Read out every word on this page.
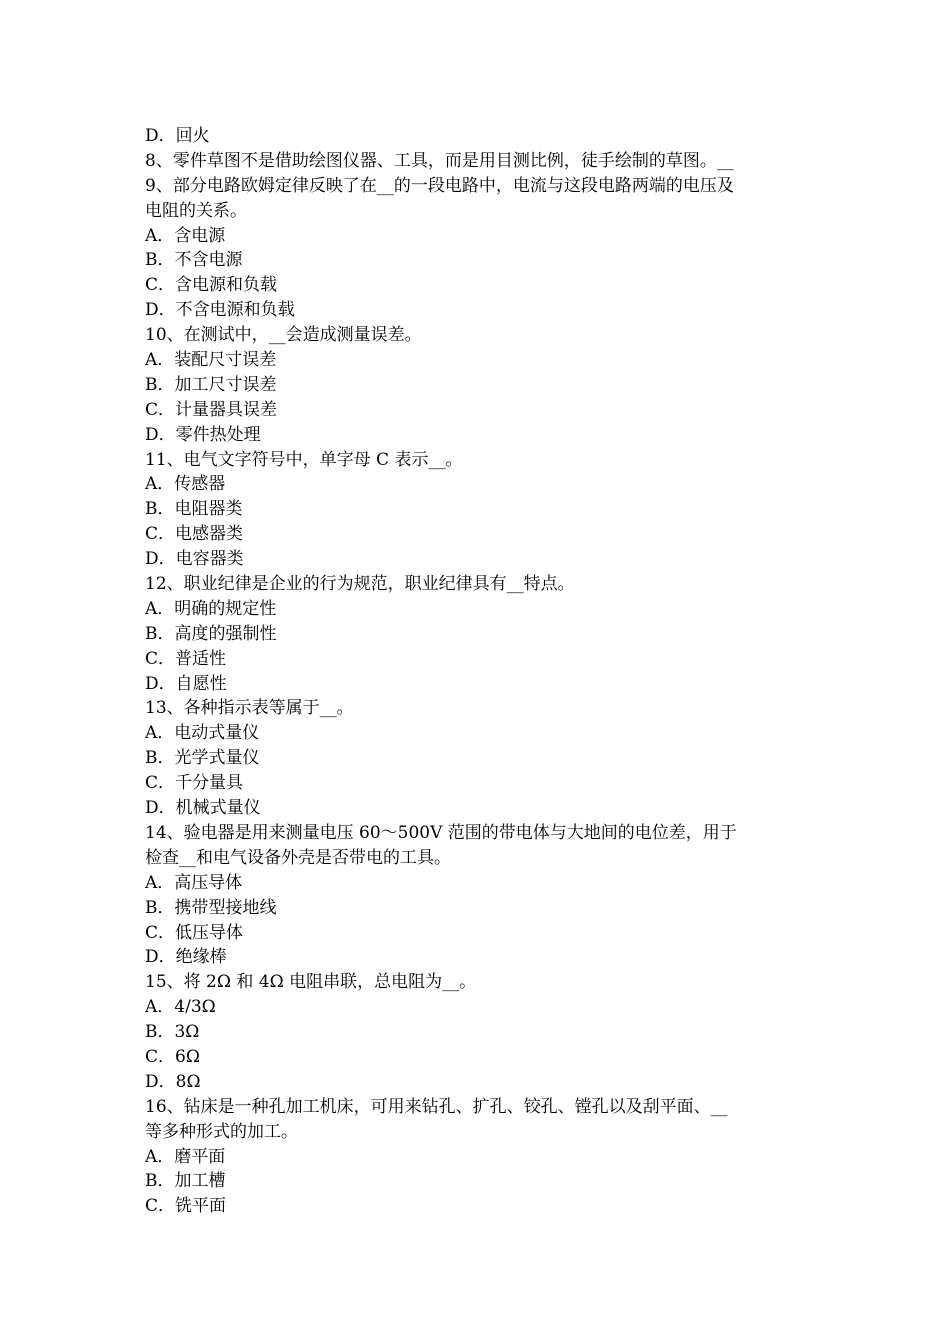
D．回火
8、零件草图不是借助绘图仪器、工具，而是用目测比例，徒手绘制的草图。__
9、部分电路欧姆定律反映了在__的一段电路中，电流与这段电路两端的电压及
电阻的关系。
A．含电源
B．不含电源
C．含电源和负载
D．不含电源和负载
10、在测试中，__会造成测量误差。
A．装配尺寸误差
B．加工尺寸误差
C．计量器具误差
D．零件热处理
11、电气文字符号中，单字母 C 表示__。
A．传感器
B．电阻器类
C．电感器类
D．电容器类
12、职业纪律是企业的行为规范，职业纪律具有__特点。
A．明确的规定性
B．高度的强制性
C．普适性
D．自愿性
13、各种指示表等属于__。
A．电动式量仪
B．光学式量仪
C．千分量具
D．机械式量仪
14、验电器是用来测量电压 60～500V 范围的带电体与大地间的电位差，用于
检查__和电气设备外壳是否带电的工具。
A．高压导体
B．携带型接地线
C．低压导体
D．绝缘棒
15、将 2Ω 和 4Ω 电阻串联，总电阻为__。
A．4/3Ω
B．3Ω
C．6Ω
D．8Ω
16、钻床是一种孔加工机床，可用来钻孔、扩孔、铰孔、镗孔以及刮平面、__
等多种形式的加工。
A．磨平面
B．加工槽
C．铣平面
